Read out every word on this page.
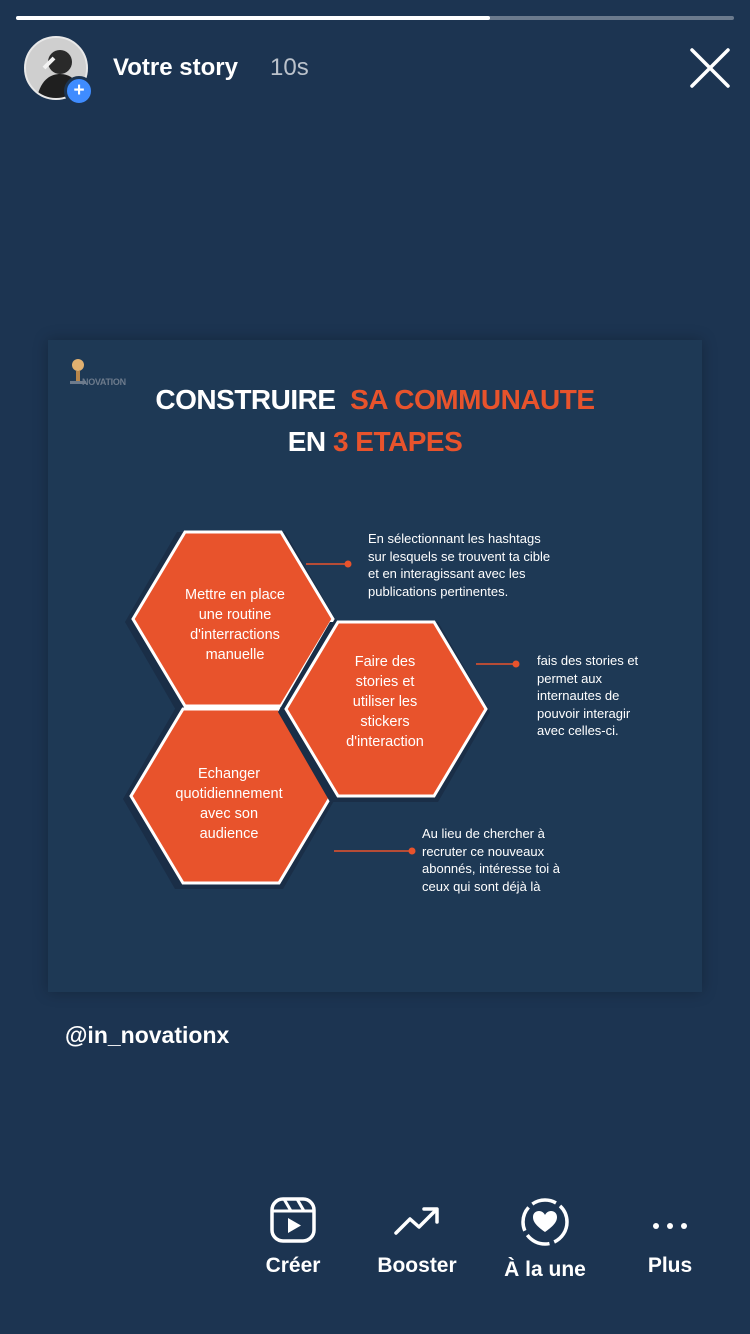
+
Votre story 10s
NOVATION
CONSTRUIRE SA COMMUNAUTE
EN 3 ETAPES
Mettre en place
une routine
d'interractions
manuelle	Faire des
stories et
utiliser les
stickers
d'interaction
Echanger
quotidiennement
avec son
audience
En sélectionnant les hashtags
sur lesquels se trouvent ta cible
et en interagissant avec les
publications pertinentes.
fais des stories et
permet aux
internautes de
pouvoir interagir
avec celles-ci.
Au lieu de chercher à
recruter ce nouveaux
abonnés, intéresse toi à
ceux qui sont déjà là
@in_novationx
Créer	Booster	À la une	Plus
